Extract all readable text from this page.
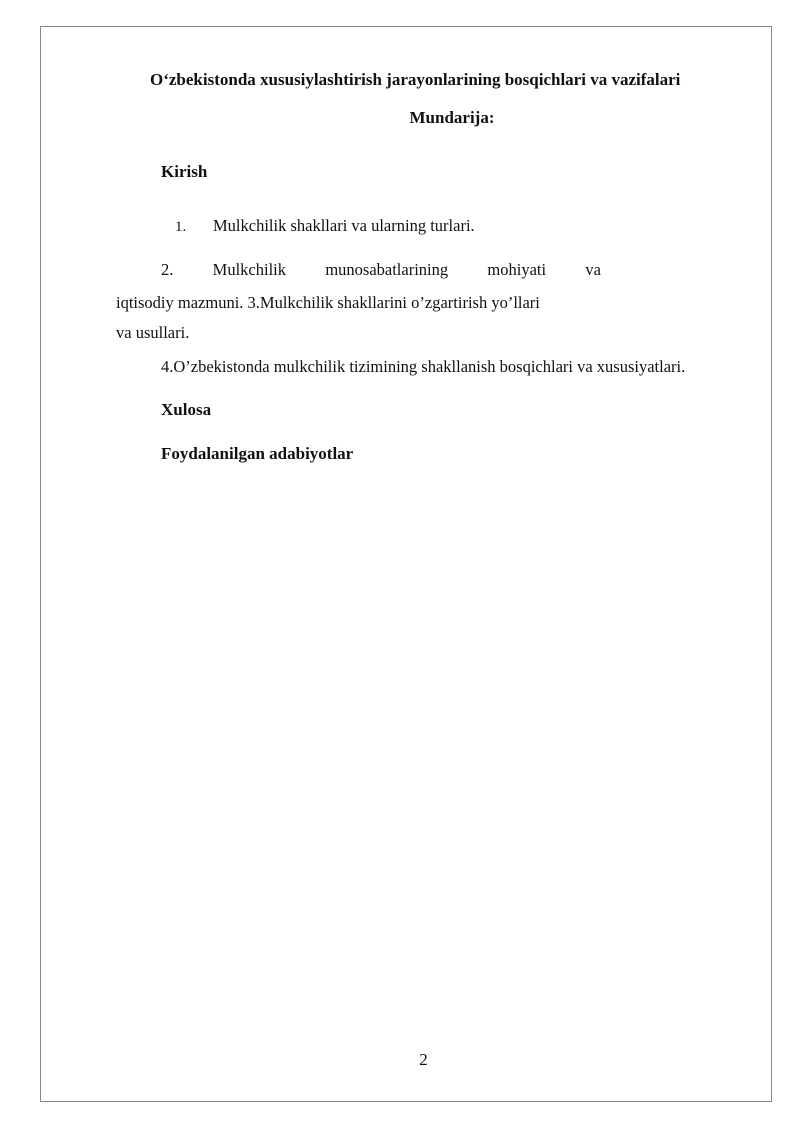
O‘zbekistonda xususiylashtirish jarayonlarining bosqichlari va vazifalari
Mundarija:
Kirish
1. Mulkchilik shakllari va ularning turlari.
2. Mulkchilik munosabatlarining mohiyati va
iqtisodiy mazmuni. 3.Mulkchilik shakllarini o’zgartirish yo’llari
va usullari.
4.O’zbekistonda mulkchilik tizimining shakllanish bosqichlari va xususiyatlari.
Xulosa
Foydalanilgan adabiyotlar
2
